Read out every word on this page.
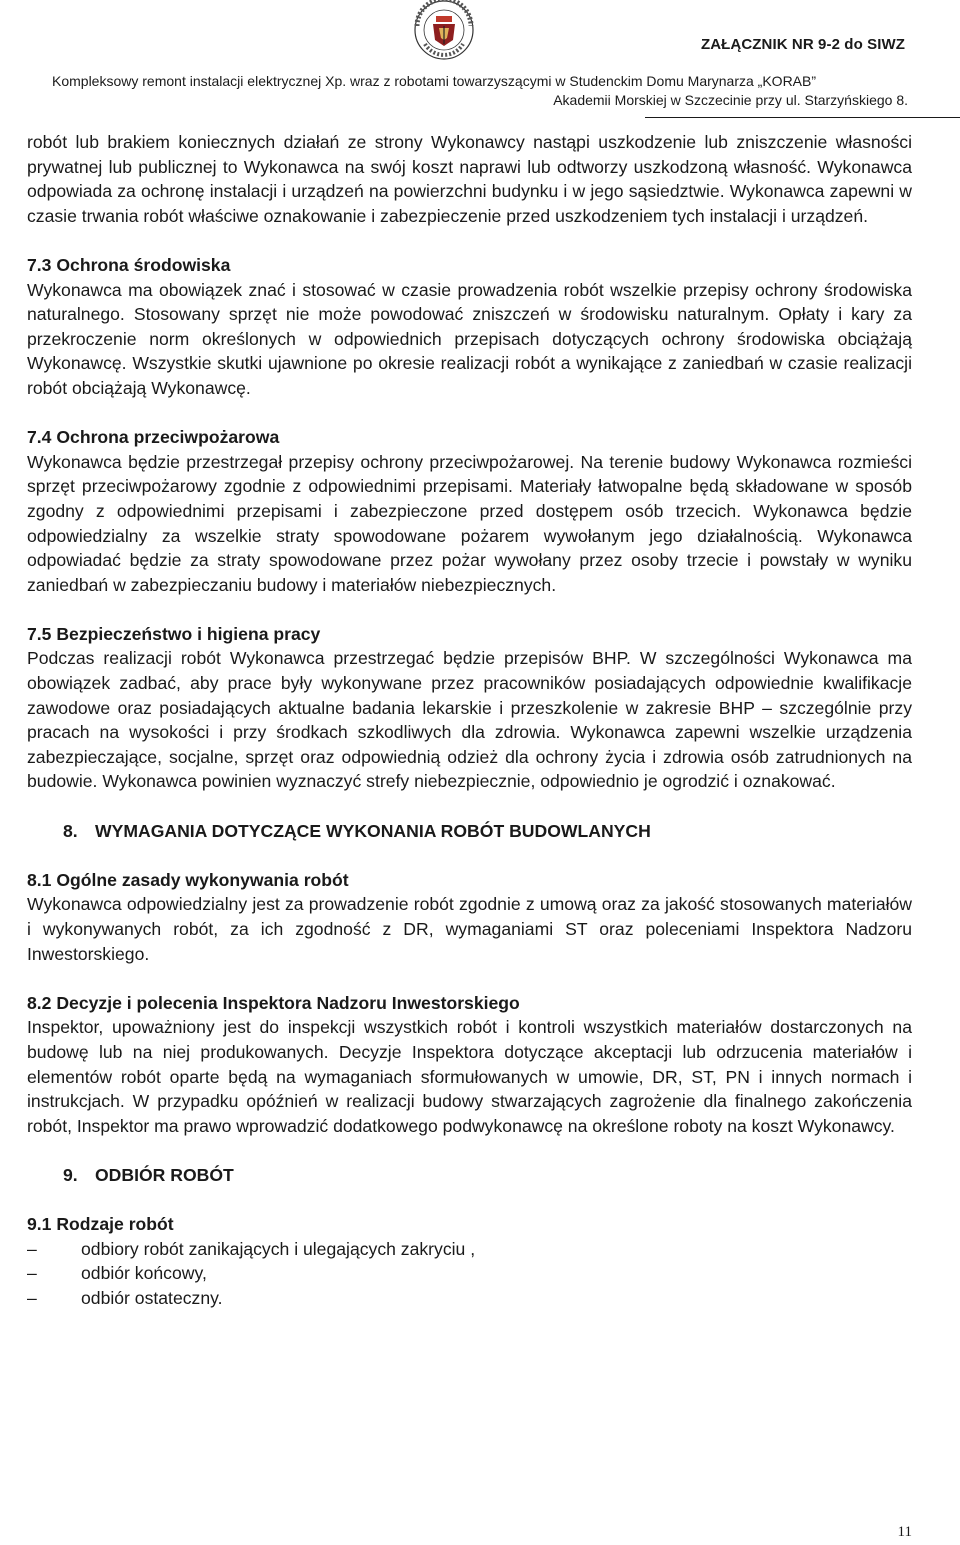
ZAŁĄCZNIK NR 9-2 do SIWZ
Kompleksowy remont instalacji elektrycznej Xp. wraz z robotami towarzyszącymi w Studenckim Domu Marynarza „KORAB”
Akademii Morskiej w Szczecinie przy ul. Starzyńskiego 8.

robót lub brakiem koniecznych działań ze strony Wykonawcy nastąpi uszkodzenie lub zniszczenie własności prywatnej lub publicznej to Wykonawca na swój koszt naprawi lub odtworzy uszkodzoną własność. Wykonawca odpowiada za ochronę instalacji i urządzeń na powierzchni budynku i w jego sąsiedztwie. Wykonawca zapewni w czasie trwania robót właściwe oznakowanie i zabezpieczenie przed uszkodzeniem tych instalacji i urządzeń.

7.3 Ochrona środowiska

Wykonawca ma obowiązek znać i stosować w czasie prowadzenia robót wszelkie przepisy ochrony środowiska naturalnego. Stosowany sprzęt nie może powodować zniszczeń w środowisku naturalnym. Opłaty i kary za przekroczenie norm określonych w odpowiednich przepisach dotyczących ochrony środowiska obciążają Wykonawcę. Wszystkie skutki ujawnione po okresie realizacji robót a wynikające z zaniedbań w czasie realizacji robót obciążają Wykonawcę.

7.4 Ochrona przeciwpożarowa

Wykonawca będzie przestrzegał przepisy ochrony przeciwpożarowej. Na terenie budowy Wykonawca rozmieści sprzęt przeciwpożarowy zgodnie z odpowiednimi przepisami. Materiały łatwopalne będą składowane w sposób zgodny z odpowiednimi przepisami i zabezpieczone przed dostępem osób trzecich. Wykonawca będzie odpowiedzialny za wszelkie straty spowodowane pożarem wywołanym jego działalnością. Wykonawca odpowiadać będzie za straty spowodowane przez pożar wywołany przez osoby trzecie i powstały w wyniku zaniedbań w zabezpieczaniu budowy i materiałów niebezpiecznych.

7.5 Bezpieczeństwo i higiena pracy

Podczas realizacji robót Wykonawca przestrzegać będzie przepisów BHP. W szczególności Wykonawca ma obowiązek zadbać, aby prace były wykonywane przez pracowników posiadających odpowiednie kwalifikacje zawodowe oraz posiadających aktualne badania lekarskie i przeszkolenie w zakresie BHP – szczególnie przy pracach na wysokości i przy środkach szkodliwych dla zdrowia. Wykonawca zapewni wszelkie urządzenia zabezpieczające, socjalne, sprzęt oraz odpowiednią odzież dla ochrony życia i zdrowia osób zatrudnionych na budowie. Wykonawca powinien wyznaczyć strefy niebezpiecznie, odpowiednio je ogrodzić i oznakować.

8. WYMAGANIA DOTYCZĄCE WYKONANIA ROBÓT BUDOWLANYCH
8.1 Ogólne zasady wykonywania robót

Wykonawca odpowiedzialny jest za prowadzenie robót zgodnie z umową oraz za jakość stosowanych materiałów i wykonywanych robót, za ich zgodność z DR, wymaganiami ST oraz poleceniami Inspektora Nadzoru Inwestorskiego.

8.2 Decyzje i polecenia Inspektora Nadzoru Inwestorskiego

Inspektor, upoważniony jest do inspekcji wszystkich robót i kontroli wszystkich materiałów dostarczonych na budowę lub na niej produkowanych. Decyzje Inspektora dotyczące akceptacji lub odrzucenia materiałów i elementów robót oparte będą na wymaganiach sformułowanych w umowie, DR, ST, PN i innych normach i instrukcjach. W przypadku opóźnień w realizacji budowy stwarzających zagrożenie dla finalnego zakończenia robót, Inspektor ma prawo wprowadzić dodatkowego podwykonawcę na określone roboty na koszt Wykonawcy.

9. ODBIÓR ROBÓT
9.1 Rodzaje robót
–	odbiory robót zanikających i ulegających zakryciu ,
–	odbiór końcowy,
–	odbiór ostateczny.
11
